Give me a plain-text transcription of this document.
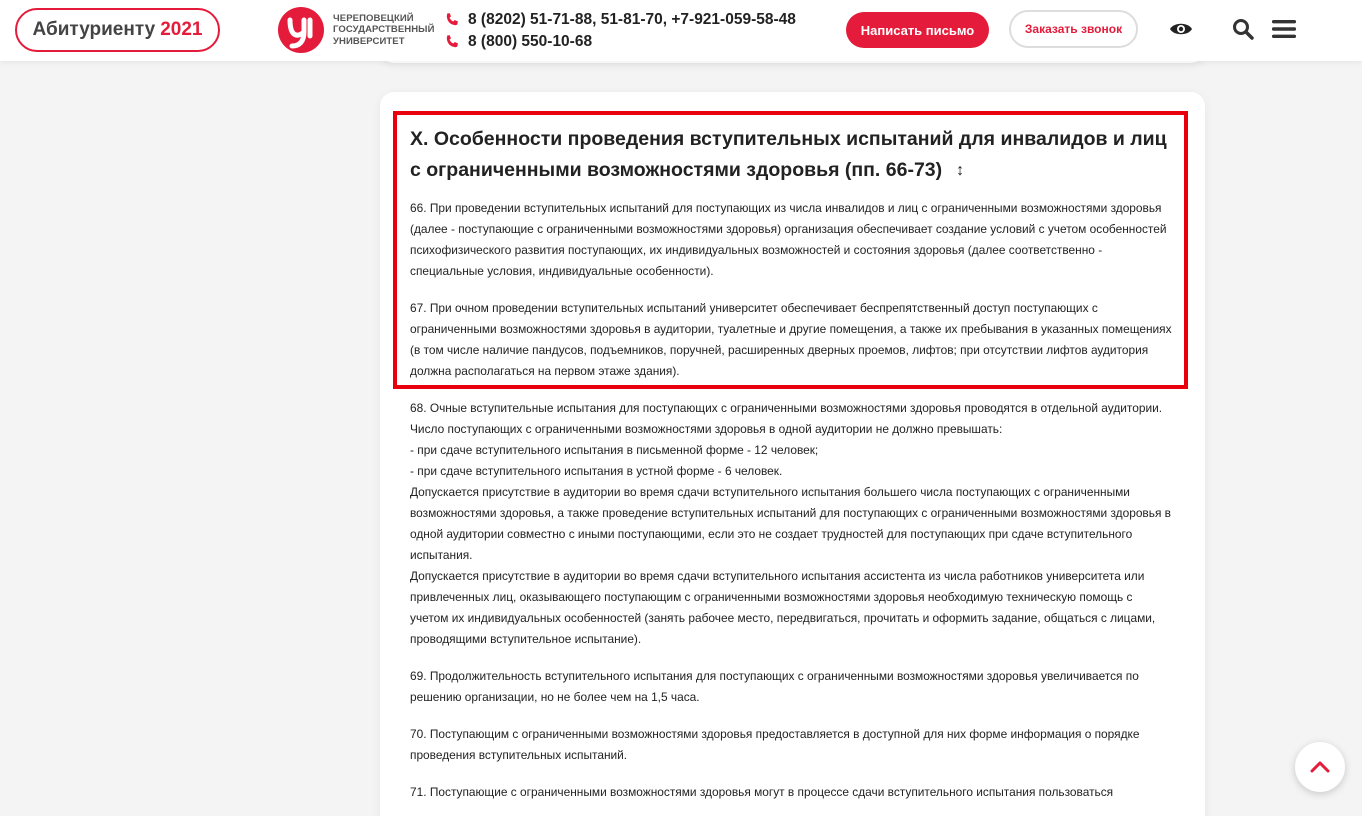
Абитуриенту 2021
ЧЕРЕПОВЕЦКИЙ
ГОСУДАРСТВЕННЫЙ
УНИВЕРСИТЕТ
8 (8202) 51-71-88, 51-81-70, +7-921-059-58-48
8 (800) 550-10-68
Написать письмо	Заказать звонок
X. Особенности проведения вступительных испытаний для инвалидов и лиц с ограниченными возможностями здоровья (пп. 66-73) ↕

66. При проведении вступительных испытаний для поступающих из числа инвалидов и лиц с ограниченными возможностями здоровья (далее - поступающие с ограниченными возможностями здоровья) организация обеспечивает создание условий с учетом особенностей психофизического развития поступающих, их индивидуальных возможностей и состояния здоровья (далее соответственно - специальные условия, индивидуальные особенности).

67. При очном проведении вступительных испытаний университет обеспечивает беспрепятственный доступ поступающих с ограниченными возможностями здоровья в аудитории, туалетные и другие помещения, а также их пребывания в указанных помещениях (в том числе наличие пандусов, подъемников, поручней, расширенных дверных проемов, лифтов; при отсутствии лифтов аудитория должна располагаться на первом этаже здания).

68. Очные вступительные испытания для поступающих с ограниченными возможностями здоровья проводятся в отдельной аудитории.

Число поступающих с ограниченными возможностями здоровья в одной аудитории не должно превышать:

- при сдаче вступительного испытания в письменной форме - 12 человек;

- при сдаче вступительного испытания в устной форме - 6 человек.

Допускается присутствие в аудитории во время сдачи вступительного испытания большего числа поступающих с ограниченными возможностями здоровья, а также проведение вступительных испытаний для поступающих с ограниченными возможностями здоровья в одной аудитории совместно с иными поступающими, если это не создает трудностей для поступающих при сдаче вступительного испытания.

Допускается присутствие в аудитории во время сдачи вступительного испытания ассистента из числа работников университета или привлеченных лиц, оказывающего поступающим с ограниченными возможностями здоровья необходимую техническую помощь с учетом их индивидуальных особенностей (занять рабочее место, передвигаться, прочитать и оформить задание, общаться с лицами, проводящими вступительное испытание).

69. Продолжительность вступительного испытания для поступающих с ограниченными возможностями здоровья увеличивается по решению организации, но не более чем на 1,5 часа.

70. Поступающим с ограниченными возможностями здоровья предоставляется в доступной для них форме информация о порядке проведения вступительных испытаний.

71. Поступающие с ограниченными возможностями здоровья могут в процессе сдачи вступительного испытания пользоваться
